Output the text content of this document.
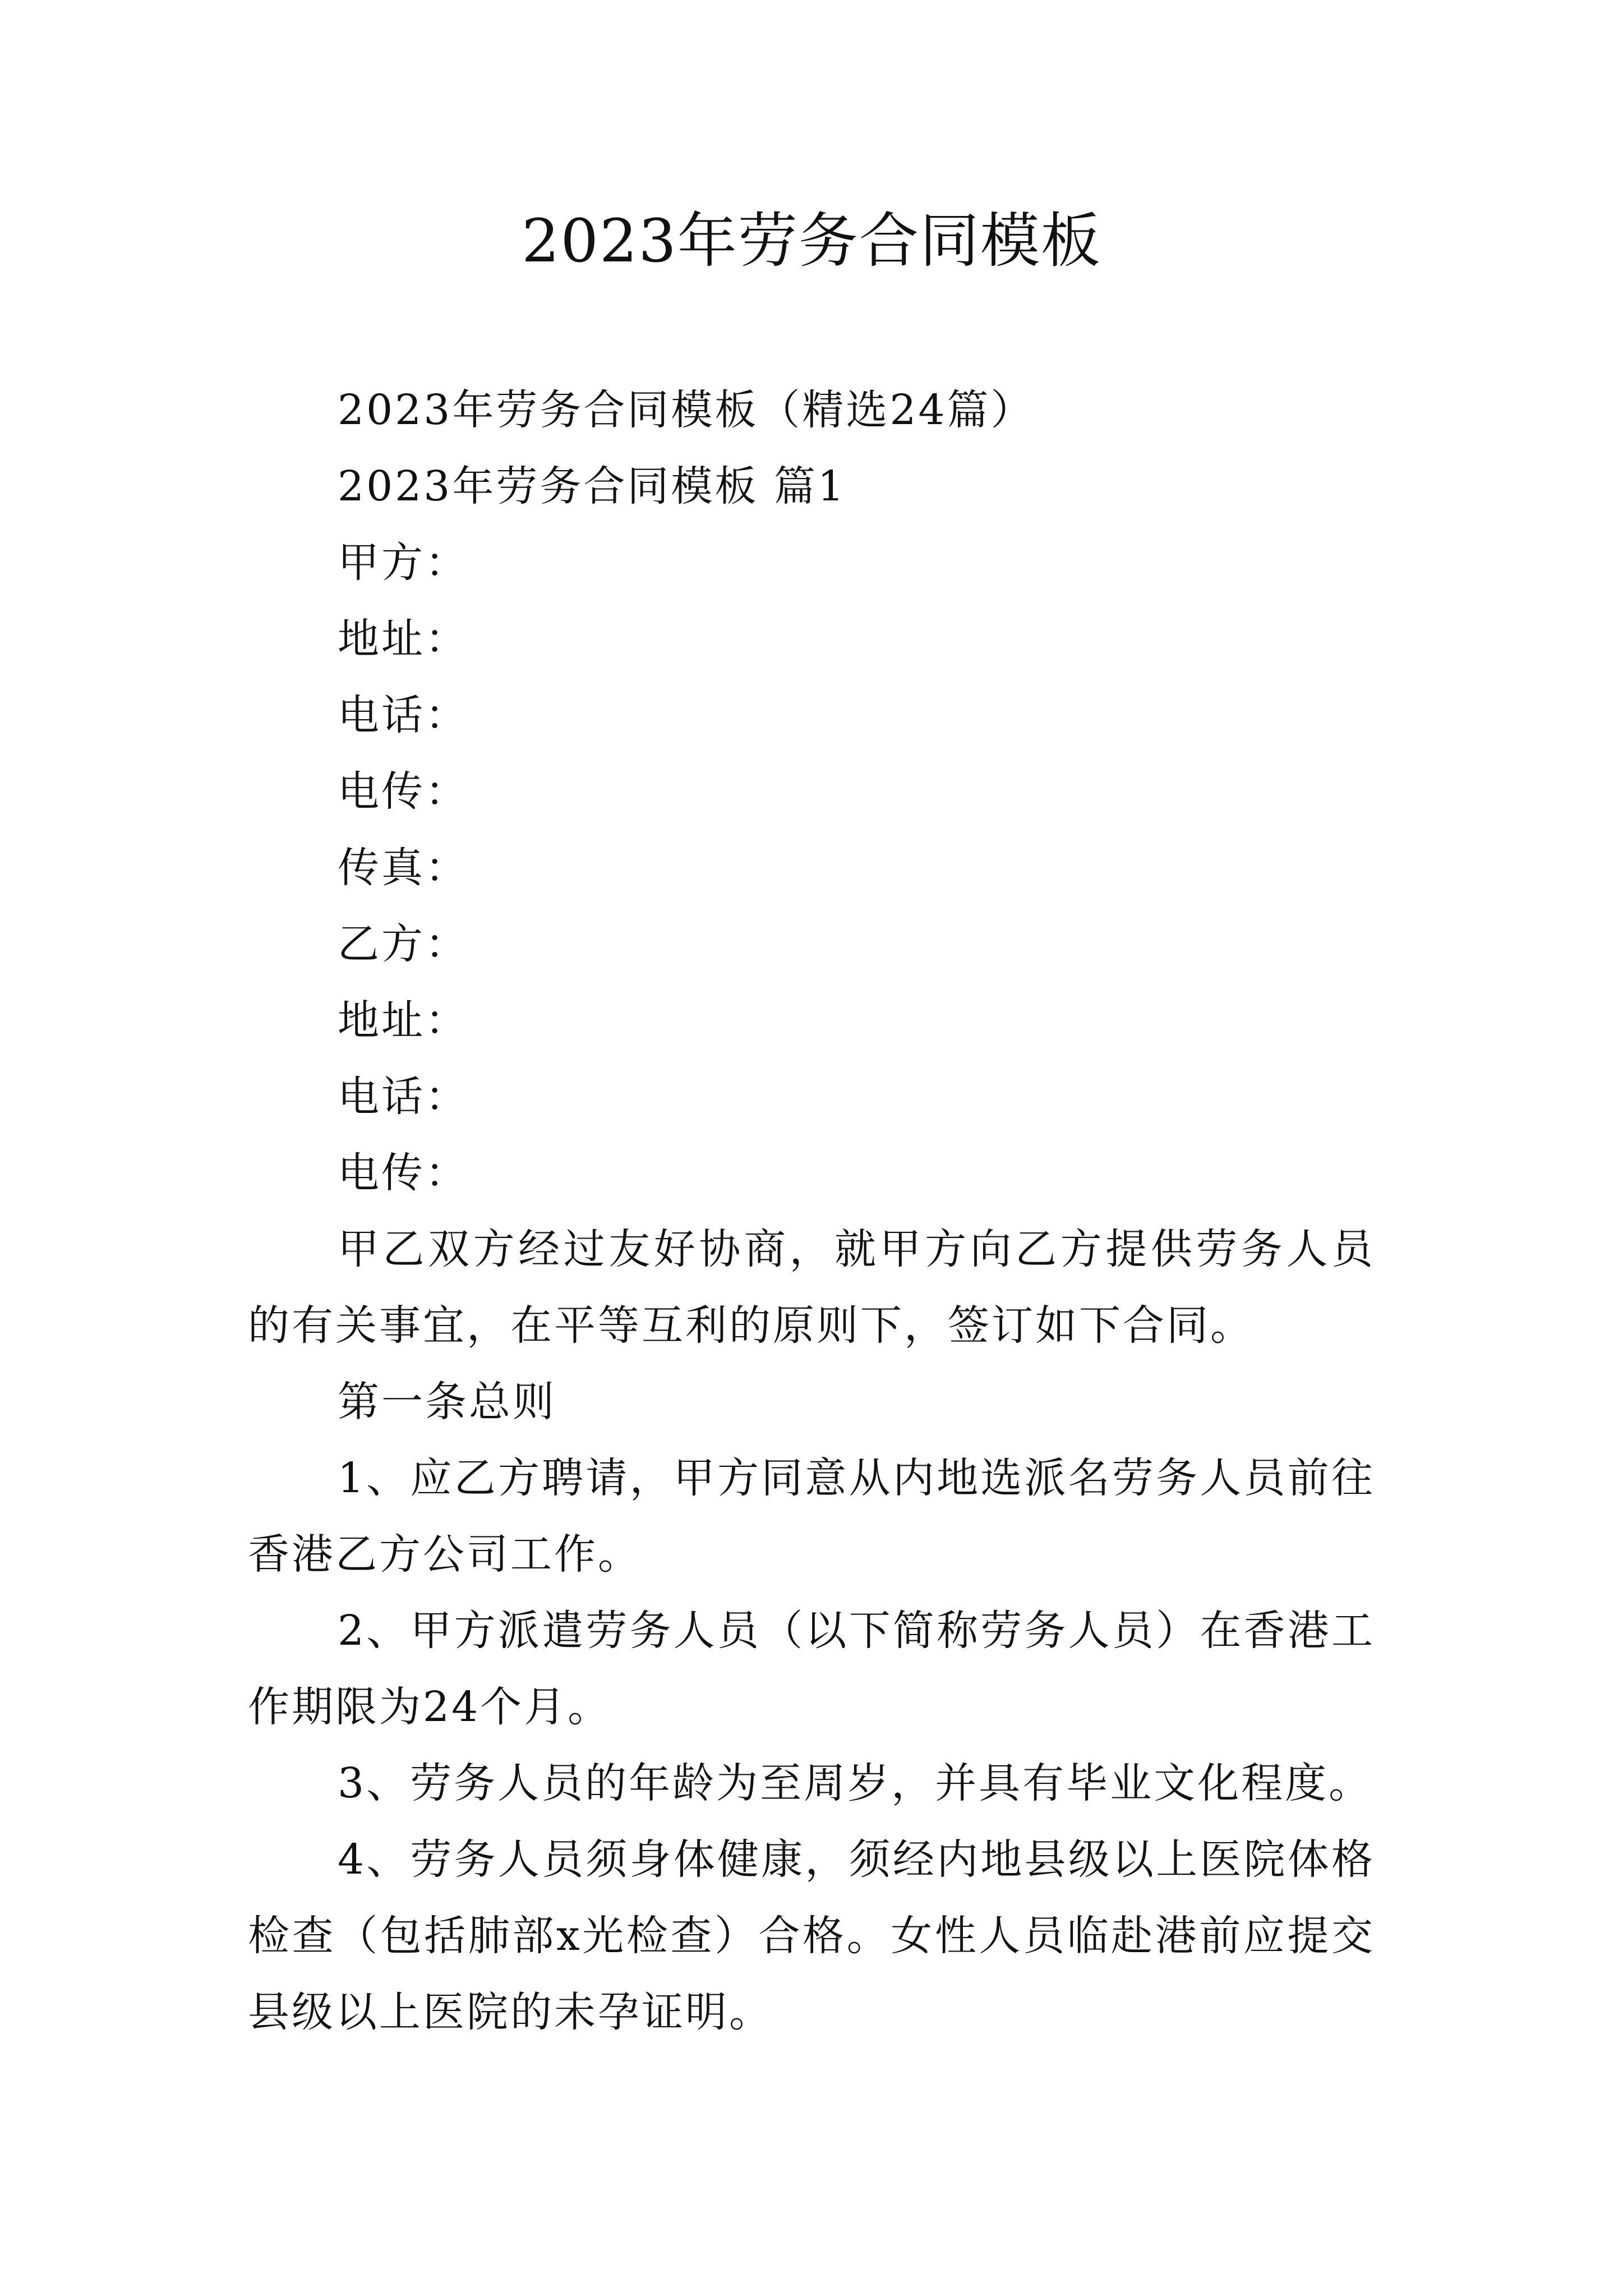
2023年劳务合同模板

2023年劳务合同模板（精选24篇）

2023年劳务合同模板 篇1

甲方：

地址：

电话：

电传：

传真：

乙方：

地址：

电话：

电传：

甲乙双方经过友好协商，就甲方向乙方提供劳务人员的有关事宜，在平等互利的原则下，签订如下合同。

第一条总则

1、应乙方聘请，甲方同意从内地选派名劳务人员前往香港乙方公司工作。

2、甲方派遣劳务人员（以下简称劳务人员）在香港工作期限为24个月。

3、劳务人员的年龄为至周岁，并具有毕业文化程度。

4、劳务人员须身体健康，须经内地县级以上医院体格检查（包括肺部x光检查）合格。女性人员临赴港前应提交县级以上医院的未孕证明。
